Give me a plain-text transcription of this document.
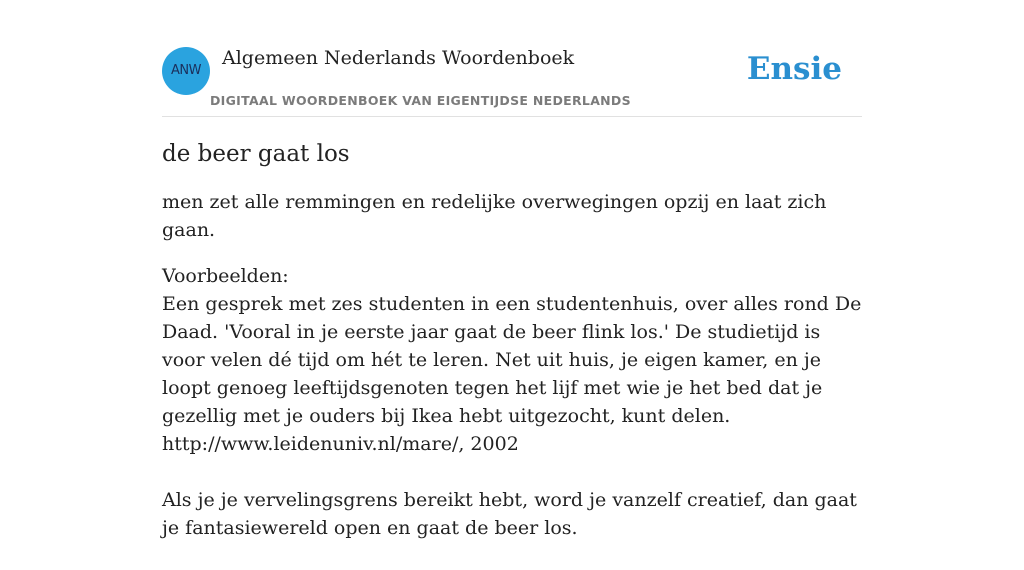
ANW
Algemeen Nederlands Woordenboek
DIGITAAL WOORDENBOEK VAN EIGENTIJDSE NEDERLANDS
Ensie
de beer gaat los

men zet alle remmingen en redelijke overwegingen opzij en laat zich gaan.

Voorbeelden:
Een gesprek met zes studenten in een studentenhuis, over alles rond De Daad. 'Vooral in je eerste jaar gaat de beer flink los.' De studietijd is voor velen dé tijd om hét te leren. Net uit huis, je eigen kamer, en je loopt genoeg leeftijdsgenoten tegen het lijf met wie je het bed dat je gezellig met je ouders bij Ikea hebt uitgezocht, kunt delen.
http://www.leidenuniv.nl/mare/, 2002
Als je je vervelingsgrens bereikt hebt, word je vanzelf creatief, dan gaat je fantasiewereld open en gaat de beer los.
